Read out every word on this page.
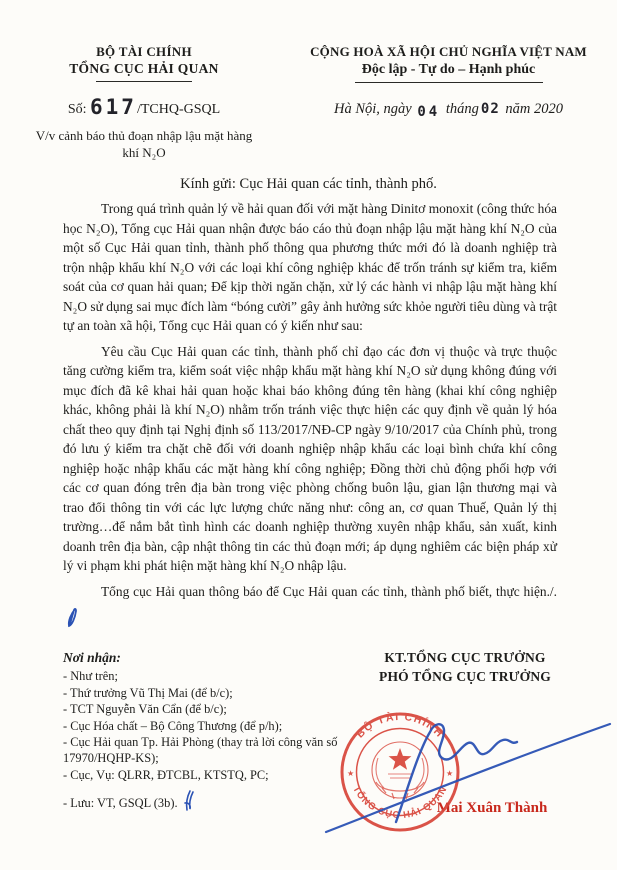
BỘ TÀI CHÍNH
TỔNG CỤC HẢI QUAN
Số: 617/TCHQ-GSQL
V/v cảnh báo thủ đoạn nhập lậu mặt hàng khí N₂O
CỘNG HOÀ XÃ HỘI CHỦ NGHĨA VIỆT NAM
Độc lập - Tự do – Hạnh phúc
Hà Nội, ngày 04 tháng 02 năm 2020
Kính gửi: Cục Hải quan các tỉnh, thành phố.

Trong quá trình quản lý về hải quan đối với mặt hàng Dinitơ monoxit (công thức hóa học N₂O), Tổng cục Hải quan nhận được báo cáo thủ đoạn nhập lậu mặt hàng khí N₂O của một số Cục Hải quan tỉnh, thành phố thông qua phương thức mới đó là doanh nghiệp trà trộn nhập khẩu khí N₂O với các loại khí công nghiệp khác để trốn tránh sự kiểm tra, kiểm soát của cơ quan hải quan; Để kịp thời ngăn chặn, xử lý các hành vi nhập lậu mặt hàng khí N₂O sử dụng sai mục đích làm “bóng cười” gây ảnh hưởng sức khỏe người tiêu dùng và trật tự an toàn xã hội, Tổng cục Hải quan có ý kiến như sau:

Yêu cầu Cục Hải quan các tỉnh, thành phố chỉ đạo các đơn vị thuộc và trực thuộc tăng cường kiểm tra, kiểm soát việc nhập khẩu mặt hàng khí N₂O sử dụng không đúng với mục đích đã kê khai hải quan hoặc khai báo không đúng tên hàng (khai khí công nghiệp khác, không phải là khí N₂O) nhằm trốn tránh việc thực hiện các quy định về quản lý hóa chất theo quy định tại Nghị định số 113/2017/NĐ-CP ngày 9/10/2017 của Chính phủ, trong đó lưu ý kiểm tra chặt chẽ đối với doanh nghiệp nhập khẩu các loại bình chứa khí công nghiệp hoặc nhập khẩu các mặt hàng khí công nghiệp; Đồng thời chủ động phối hợp với các cơ quan đóng trên địa bàn trong việc phòng chống buôn lậu, gian lận thương mại và trao đổi thông tin với các lực lượng chức năng như: công an, cơ quan Thuế, Quản lý thị trường…để nắm bắt tình hình các doanh nghiệp thường xuyên nhập khẩu, sản xuất, kinh doanh trên địa bàn, cập nhật thông tin các thủ đoạn mới; áp dụng nghiêm các biện pháp xử lý vi phạm khi phát hiện mặt hàng khí N₂O nhập lậu.

Tổng cục Hải quan thông báo để Cục Hải quan các tỉnh, thành phố biết, thực hiện./.

Nơi nhận:
- Như trên;
- Thứ trưởng Vũ Thị Mai (để b/c);
- TCT Nguyễn Văn Cẩn (để b/c);
- Cục Hóa chất – Bộ Công Thương (để p/h);
- Cục Hải quan Tp. Hải Phòng (thay trả lời công văn số 17970/HQHP-KS);
- Cục, Vụ: QLRR, ĐTCBL, KTSTQ, PC;
- Lưu: VT, GSQL (3b).
KT.TỔNG CỤC TRƯỞNG
PHÓ TỔNG CỤC TRƯỞNG
Mai Xuân Thành
★	★
BỘ TÀI CHÍNH
TỔNG CỤC HẢI QUAN
